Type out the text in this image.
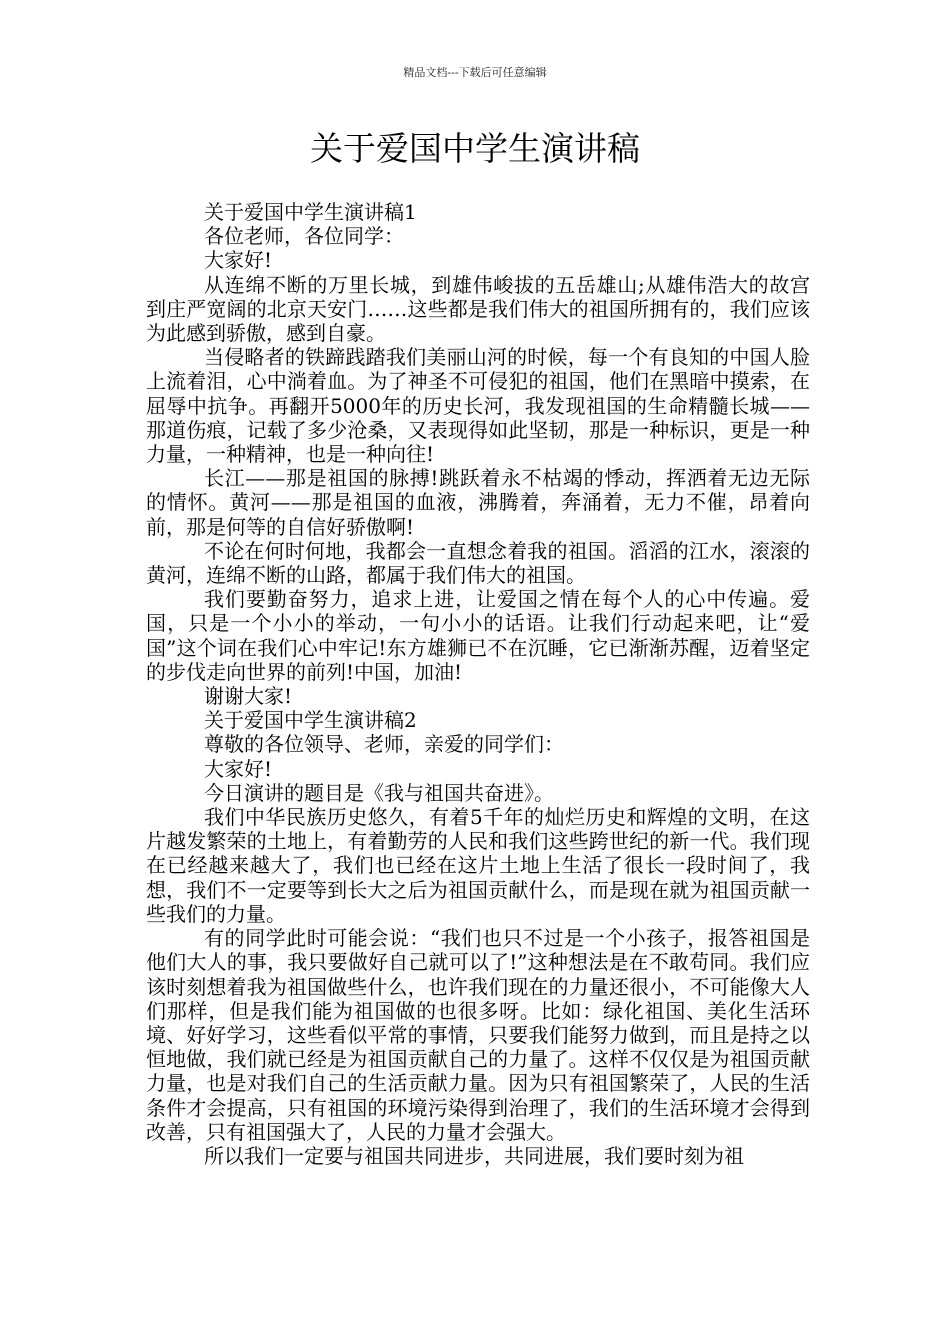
精品文档---下载后可任意编辑
关于爱国中学生演讲稿

关于爱国中学生演讲稿1

各位老师，各位同学：

大家好!

从连绵不断的万里长城，到雄伟峻拔的五岳雄山;从雄伟浩大的故宫到庄严宽阔的北京天安门……这些都是我们伟大的祖国所拥有的，我们应该为此感到骄傲，感到自豪。

当侵略者的铁蹄践踏我们美丽山河的时候，每一个有良知的中国人脸上流着泪，心中淌着血。为了神圣不可侵犯的祖国，他们在黑暗中摸索，在屈辱中抗争。再翻开5000年的历史长河，我发现祖国的生命精髓长城——那道伤痕，记载了多少沧桑，又表现得如此坚韧，那是一种标识，更是一种力量，一种精神，也是一种向往!

长江——那是祖国的脉搏!跳跃着永不枯竭的悸动，挥洒着无边无际的情怀。黄河——那是祖国的血液，沸腾着，奔涌着，无力不催，昂着向前，那是何等的自信好骄傲啊!

不论在何时何地，我都会一直想念着我的祖国。滔滔的江水，滚滚的黄河，连绵不断的山路，都属于我们伟大的祖国。

我们要勤奋努力，追求上进，让爱国之情在每个人的心中传遍。爱国，只是一个小小的举动，一句小小的话语。让我们行动起来吧，让“爱国”这个词在我们心中牢记!东方雄狮已不在沉睡，它已渐渐苏醒，迈着坚定的步伐走向世界的前列!中国，加油!

谢谢大家!

关于爱国中学生演讲稿2

尊敬的各位领导、老师，亲爱的同学们：

大家好!

今日演讲的题目是《我与祖国共奋进》。

我们中华民族历史悠久，有着5千年的灿烂历史和辉煌的文明，在这片越发繁荣的土地上，有着勤劳的人民和我们这些跨世纪的新一代。我们现在已经越来越大了，我们也已经在这片土地上生活了很长一段时间了，我想，我们不一定要等到长大之后为祖国贡献什么，而是现在就为祖国贡献一些我们的力量。

有的同学此时可能会说：“我们也只不过是一个小孩子，报答祖国是他们大人的事，我只要做好自己就可以了!”这种想法是在不敢苟同。我们应该时刻想着我为祖国做些什么，也许我们现在的力量还很小，不可能像大人们那样，但是我们能为祖国做的也很多呀。比如：绿化祖国、美化生活环境、好好学习，这些看似平常的事情，只要我们能努力做到，而且是持之以恒地做，我们就已经是为祖国贡献自己的力量了。这样不仅仅是为祖国贡献力量，也是对我们自己的生活贡献力量。因为只有祖国繁荣了，人民的生活条件才会提高，只有祖国的环境污染得到治理了，我们的生活环境才会得到改善，只有祖国强大了，人民的力量才会强大。

所以我们一定要与祖国共同进步，共同进展，我们要时刻为祖
